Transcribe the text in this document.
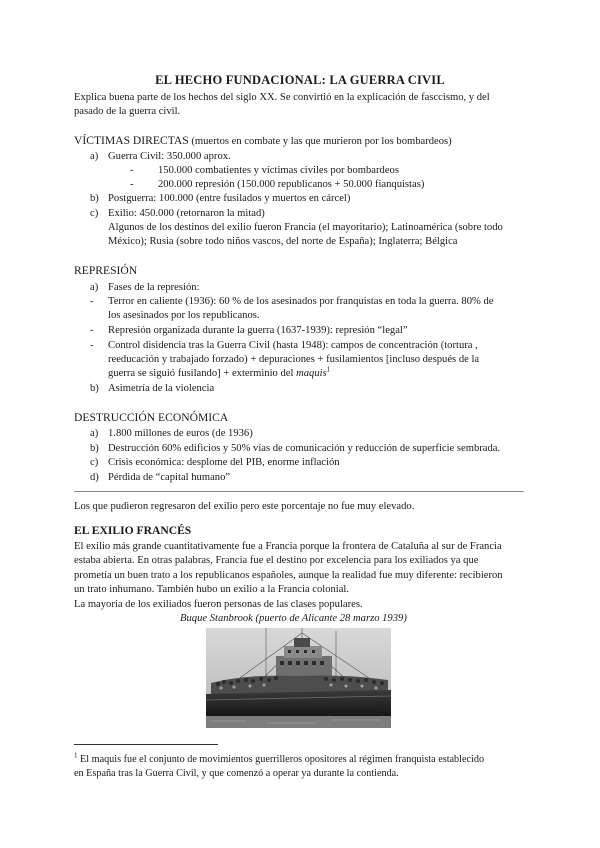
EL HECHO FUNDACIONAL: LA GUERRA CIVIL
Explica buena parte de los hechos del siglo XX. Se convirtió en la explicación de fasccismo, y del
pasado de la guerra civil.
VÍCTIMAS DIRECTAS (muertos en combate y las que murieron por los bombardeos)
a) Guerra Civil: 350.000 aprox.
- 150.000 combatientes y víctimas civiles por bombardeos
- 200.000 represión (150.000 republicanos + 50.000 fianquistas)
b) Postguerra: 100.000 (entre fusilados y muertos en cárcel)
c) Exilio: 450.000 (retornaron la mitad)
Algunos de los destinos del exilio fueron Francia (el mayoritario); Latinoamérica (sobre todo
México); Rusia (sobre todo niños vascos, del norte de España); Inglaterra; Bélgica
REPRESIÓN
a) Fases de la represión:
- Terror en caliente (1936): 60 % de los asesinados por franquistas en toda la guerra. 80% de
los asesinados por los republicanos.
- Represión organizada durante la guerra (1637-1939): represión “legal”
- Control disidencia tras la Guerra Civil (hasta 1948): campos de concentración (tortura ,
reeducación y trabajado forzado) + depuraciones + fusilamientos [incluso después de la
guerra se siguió fusilando] + exterminio del maquis$^1$
b) Asimetría de la violencia
DESTRUCCIÓN ECONÓMICA
a) 1.800 millones de euros (de 1936)
b) Destrucción 60% edificios y 50% vías de comunicación y reducción de superficie sembrada.
c) Crisis económica: desplome del PIB, enorme inflación
d) Pérdida de “capital humano”
Los que pudieron regresaron del exilio pero este porcentaje no fue muy elevado.
EL EXILIO FRANCÉS
El exilio más grande cuantitativamente fue a Francia porque la frontera de Cataluña al sur de Francia
estaba abierta. En otras palabras, Francia fue el destino por excelencia para los exiliados ya que
prometía un buen trato a los republicanos españoles, aunque la realidad fue muy diferente: recibieron
un trato inhumano. También hubo un exilio a la Francia colonial.
La mayoría de los exiliados fueron personas de las clases populares.
Buque Stanbrook (puerto de Alicante 28 marzo 1939)
$^1$ El maquis fue el conjunto de movimientos guerrilleros opositores al régimen franquista establecido
en España tras la Guerra Civil, y que comenzó a operar ya durante la contienda.
